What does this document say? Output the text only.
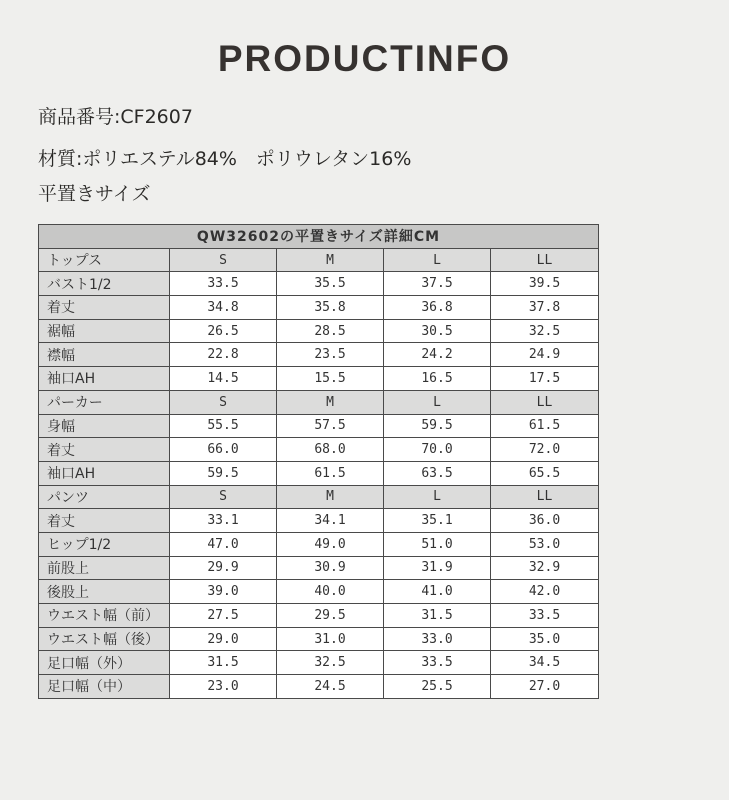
PRODUCTINFO
商品番号:CF2607
材質:ポリエステル84%　ポリウレタン16%
平置きサイズ
QW32602の平置きサイズ詳細CM				
トップス	S	M	L	LL
バスト1/2	33.5	35.5	37.5	39.5
着丈	34.8	35.8	36.8	37.8
裾幅	26.5	28.5	30.5	32.5
襟幅	22.8	23.5	24.2	24.9
袖口AH	14.5	15.5	16.5	17.5
パーカー	S	M	L	LL
身幅	55.5	57.5	59.5	61.5
着丈	66.0	68.0	70.0	72.0
袖口AH	59.5	61.5	63.5	65.5
パンツ	S	M	L	LL
着丈	33.1	34.1	35.1	36.0
ヒップ1/2	47.0	49.0	51.0	53.0
前股上	29.9	30.9	31.9	32.9
後股上	39.0	40.0	41.0	42.0
ウエスト幅（前）	27.5	29.5	31.5	33.5
ウエスト幅（後）	29.0	31.0	33.0	35.0
足口幅（外）	31.5	32.5	33.5	34.5
足口幅（中）	23.0	24.5	25.5	27.0
